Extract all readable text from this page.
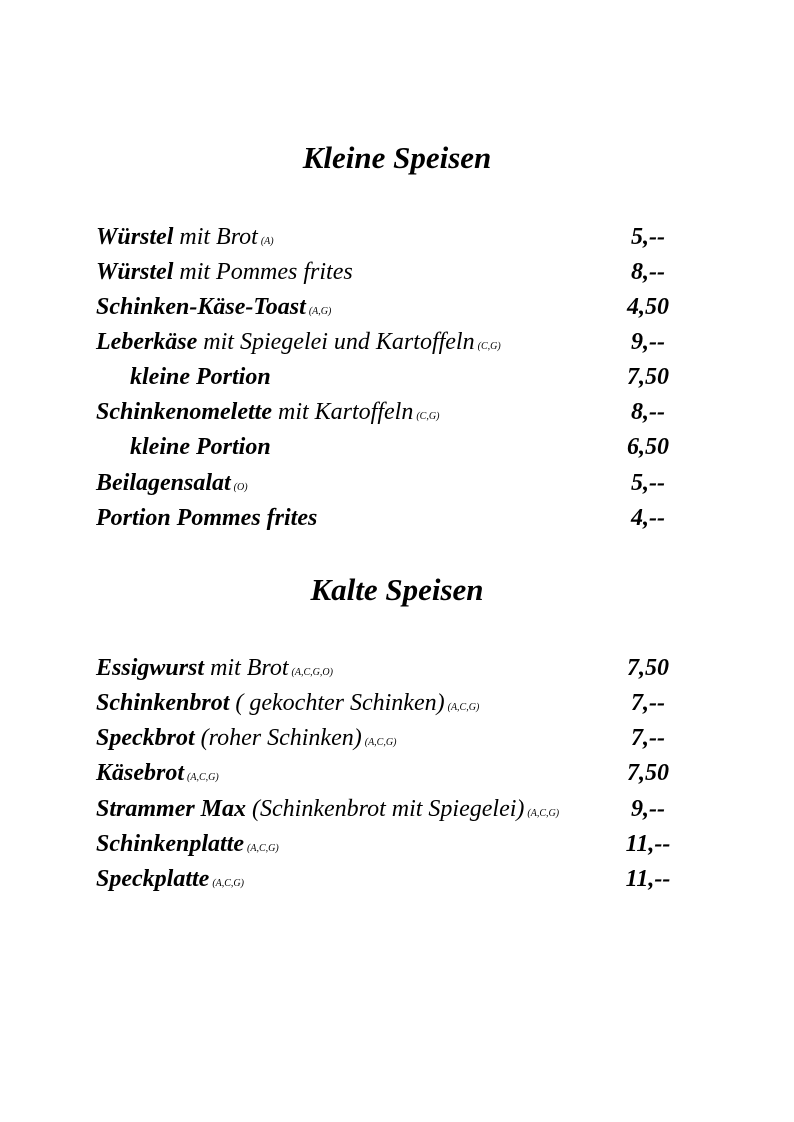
Kleine Speisen
Würstel mit Brot (A)	5,--
Würstel mit Pommes frites	8,--
Schinken-Käse-Toast (A,G)	4,50
Leberkäse mit Spiegelei und Kartoffeln (C,G)	9,--
kleine Portion	7,50
Schinkenomelette mit Kartoffeln (C,G)	8,--
kleine Portion	6,50
Beilagensalat (O)	5,--
Portion Pommes frites	4,--
Kalte Speisen
Essigwurst mit Brot (A,C,G,O)	7,50
Schinkenbrot ( gekochter Schinken) (A,C,G)	7,--
Speckbrot (roher Schinken) (A,C,G)	7,--
Käsebrot (A,C,G)	7,50
Strammer Max (Schinkenbrot mit Spiegelei) (A,C,G)	9,--
Schinkenplatte (A,C,G)	11,--
Speckplatte (A,C,G)	11,--
